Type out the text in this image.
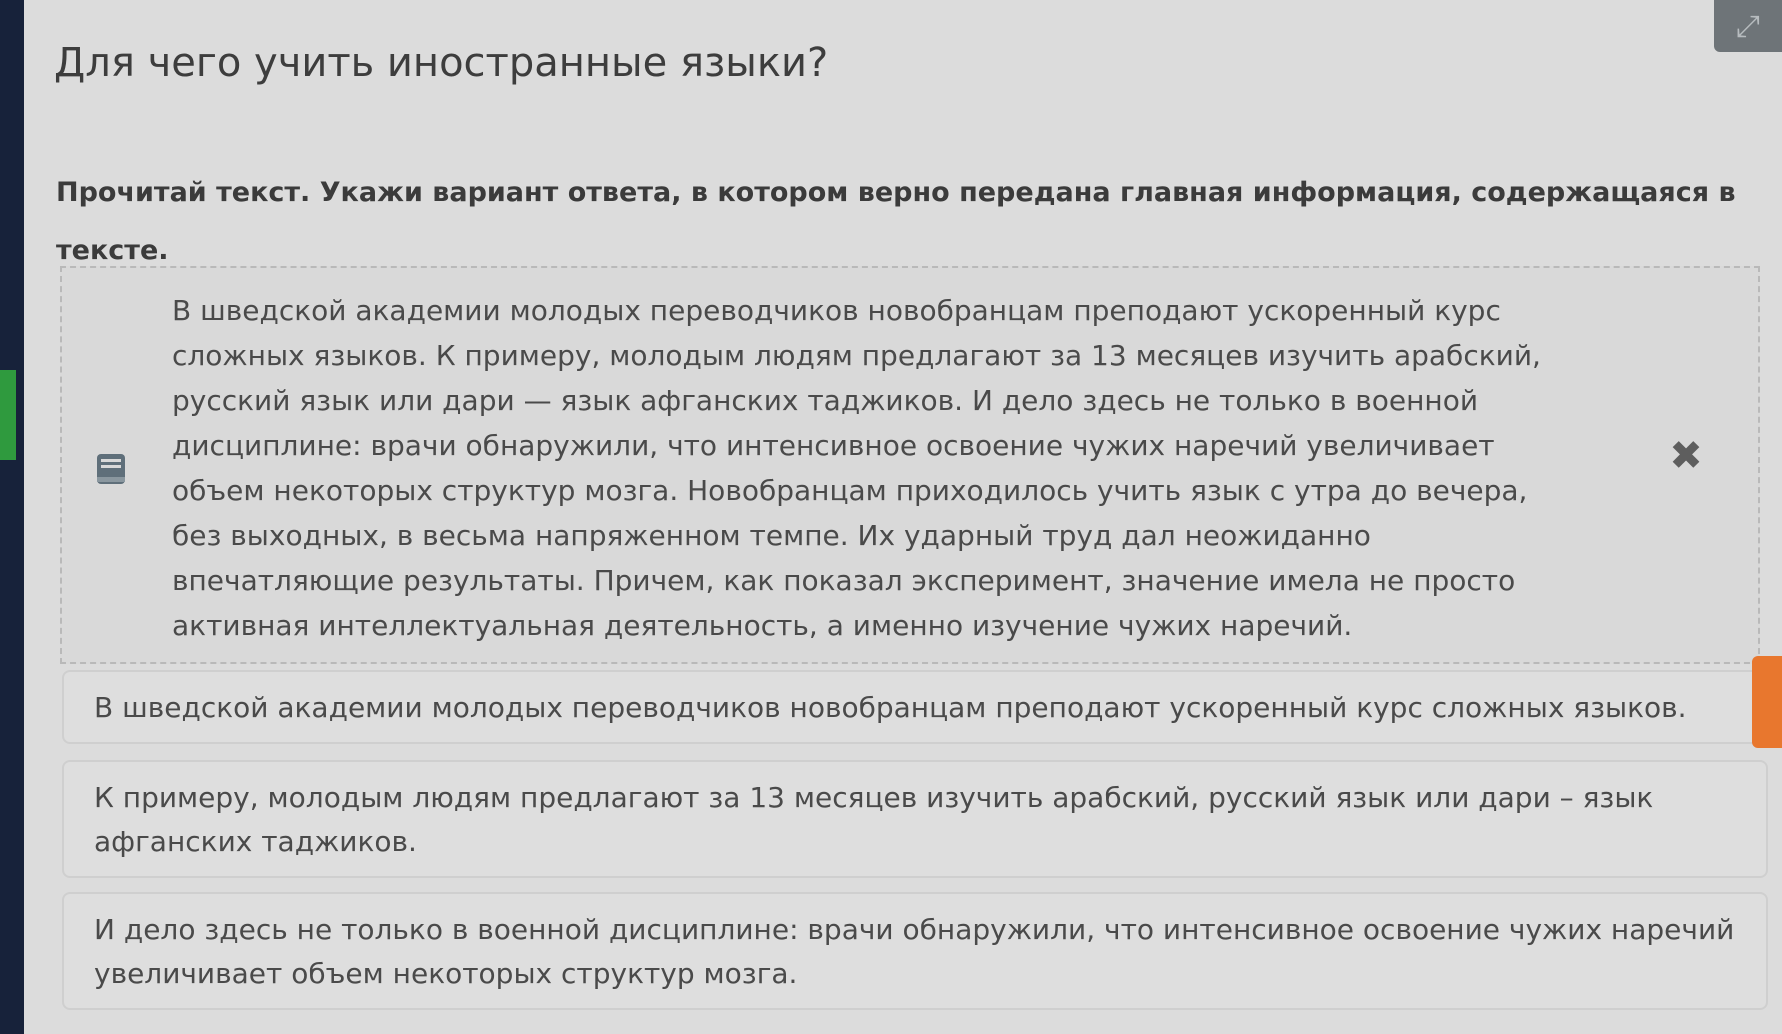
⤢
Для чего учить иностранные языки?

Прочитай текст. Укажи вариант ответа, в котором верно передана главная информация, содержащаяся в тексте.

В шведской академии молодых переводчиков новобранцам преподают ускоренный курс сложных языков. К примеру, молодым людям предлагают за 13 месяцев изучить арабский, русский язык или дари — язык афганских таджиков. И дело здесь не только в военной дисциплине: врачи обнаружили, что интенсивное освоение чужих наречий увеличивает объем некоторых структур мозга. Новобранцам приходилось учить язык с утра до вечера, без выходных, в весьма напряженном темпе. Их ударный труд дал неожиданно впечатляющие результаты. Причем, как показал эксперимент, значение имела не просто активная интеллектуальная деятельность, а именно изучение чужих наречий.

✖
В шведской академии молодых переводчиков новобранцам преподают ускоренный курс сложных языков.
К примеру, молодым людям предлагают за 13 месяцев изучить арабский, русский язык или дари – язык афганских таджиков.
И дело здесь не только в военной дисциплине: врачи обнаружили, что интенсивное освоение чужих наречий увеличивает объем некоторых структур мозга.
